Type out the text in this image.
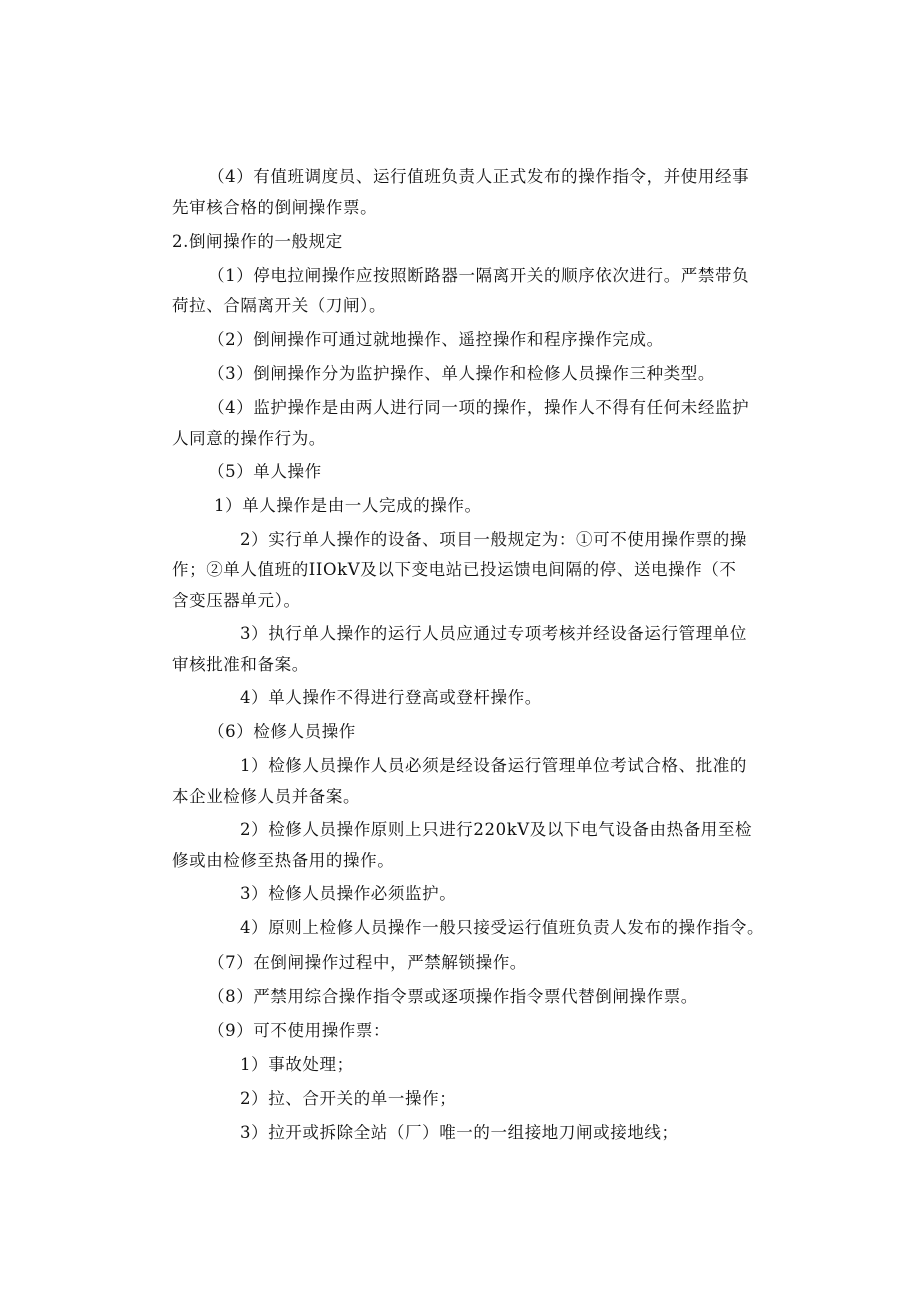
（4）有值班调度员、运行值班负责人正式发布的操作指令，并使用经事
先审核合格的倒闸操作票。
2.倒闸操作的一般规定
（1）停电拉闸操作应按照断路器一隔离开关的顺序依次进行。严禁带负
荷拉、合隔离开关（刀闸）。
（2）倒闸操作可通过就地操作、遥控操作和程序操作完成。
（3）倒闸操作分为监护操作、单人操作和检修人员操作三种类型。
（4）监护操作是由两人进行同一项的操作，操作人不得有任何未经监护
人同意的操作行为。
（5）单人操作
1）单人操作是由一人完成的操作。
2）实行单人操作的设备、项目一般规定为：①可不使用操作票的操
作；②单人值班的IIOkV及以下变电站已投运馈电间隔的停、送电操作（不
含变压器单元）。
3）执行单人操作的运行人员应通过专项考核并经设备运行管理单位
审核批准和备案。
4）单人操作不得进行登高或登杆操作。
（6）检修人员操作
1）检修人员操作人员必须是经设备运行管理单位考试合格、批准的
本企业检修人员并备案。
2）检修人员操作原则上只进行220kV及以下电气设备由热备用至检
修或由检修至热备用的操作。
3）检修人员操作必须监护。
4）原则上检修人员操作一般只接受运行值班负责人发布的操作指令。
（7）在倒闸操作过程中，严禁解锁操作。
（8）严禁用综合操作指令票或逐项操作指令票代替倒闸操作票。
（9）可不使用操作票：
1）事故处理；
2）拉、合开关的单一操作；
3）拉开或拆除全站（厂）唯一的一组接地刀闸或接地线；
